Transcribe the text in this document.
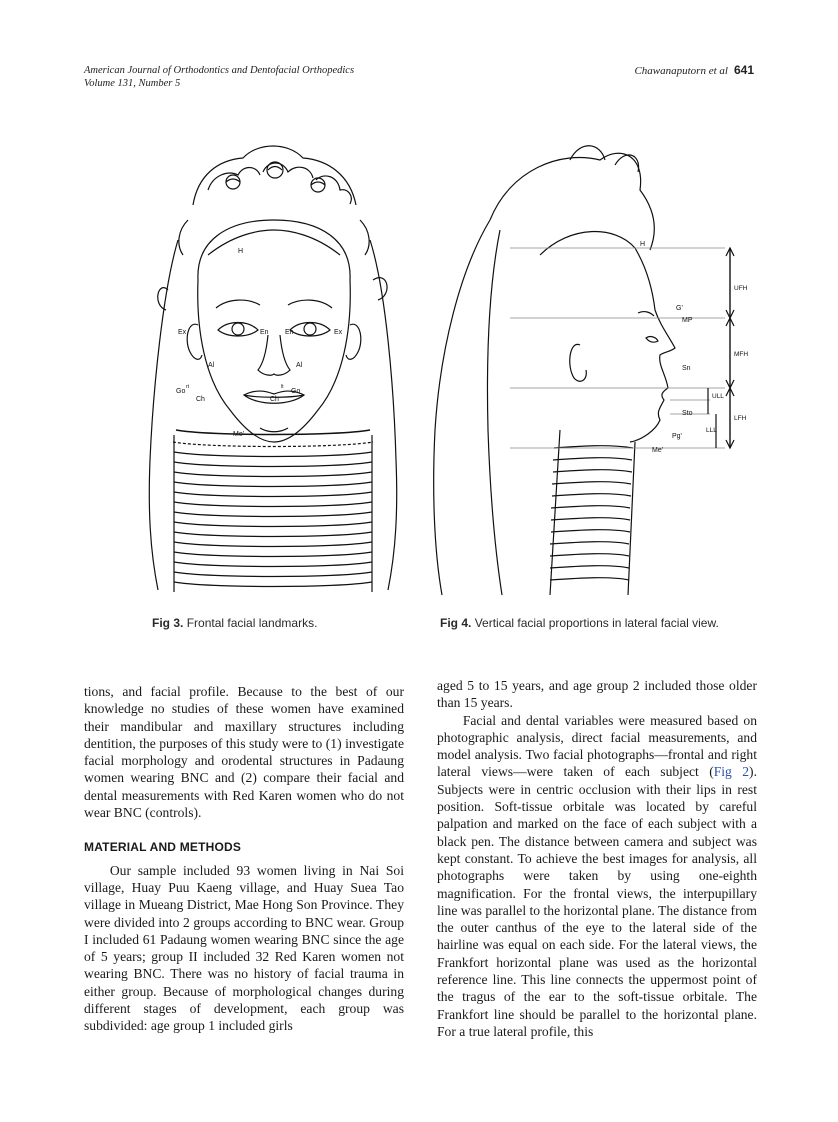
American Journal of Orthodontics and Dentofacial Orthopedics
Volume 131, Number 5
Chawanaputorn et al 641
H
Ex	En En	Ex
Al	Al
Ch	Ch
Go	Go
Me'
rt	lt
H
G'
MP
Sn
Sto
Pg'
Me'
UFH
MFH
LFH
ULL
LLL
Fig 3. Frontal facial landmarks.	Fig 4. Vertical facial proportions in lateral facial view.

tions, and facial profile. Because to the best of our knowledge no studies of these women have examined their mandibular and maxillary structures including dentition, the purposes of this study were to (1) investigate facial morphology and orodental structures in Padaung women wearing BNC and (2) compare their facial and dental measurements with Red Karen women who do not wear BNC (controls).

MATERIAL AND METHODS

Our sample included 93 women living in Nai Soi village, Huay Puu Kaeng village, and Huay Suea Tao village in Mueang District, Mae Hong Son Province. They were divided into 2 groups according to BNC wear. Group I included 61 Padaung women wearing BNC since the age of 5 years; group II included 32 Red Karen women not wearing BNC. There was no history of facial trauma in either group. Because of morphological changes during different stages of development, each group was subdivided: age group 1 included girls

aged 5 to 15 years, and age group 2 included those older than 15 years.

Facial and dental variables were measured based on photographic analysis, direct facial measurements, and model analysis. Two facial photographs—frontal and right lateral views—were taken of each subject (Fig 2). Subjects were in centric occlusion with their lips in rest position. Soft-tissue orbitale was located by careful palpation and marked on the face of each subject with a black pen. The distance between camera and subject was kept constant. To achieve the best images for analysis, all photographs were taken by using one-eighth magnification. For the frontal views, the interpupillary line was parallel to the horizontal plane. The distance from the outer canthus of the eye to the lateral side of the hairline was equal on each side. For the lateral views, the Frankfort horizontal plane was used as the horizontal reference line. This line connects the uppermost point of the tragus of the ear to the soft-tissue orbitale. The Frankfort line should be parallel to the horizontal plane. For a true lateral profile, this
